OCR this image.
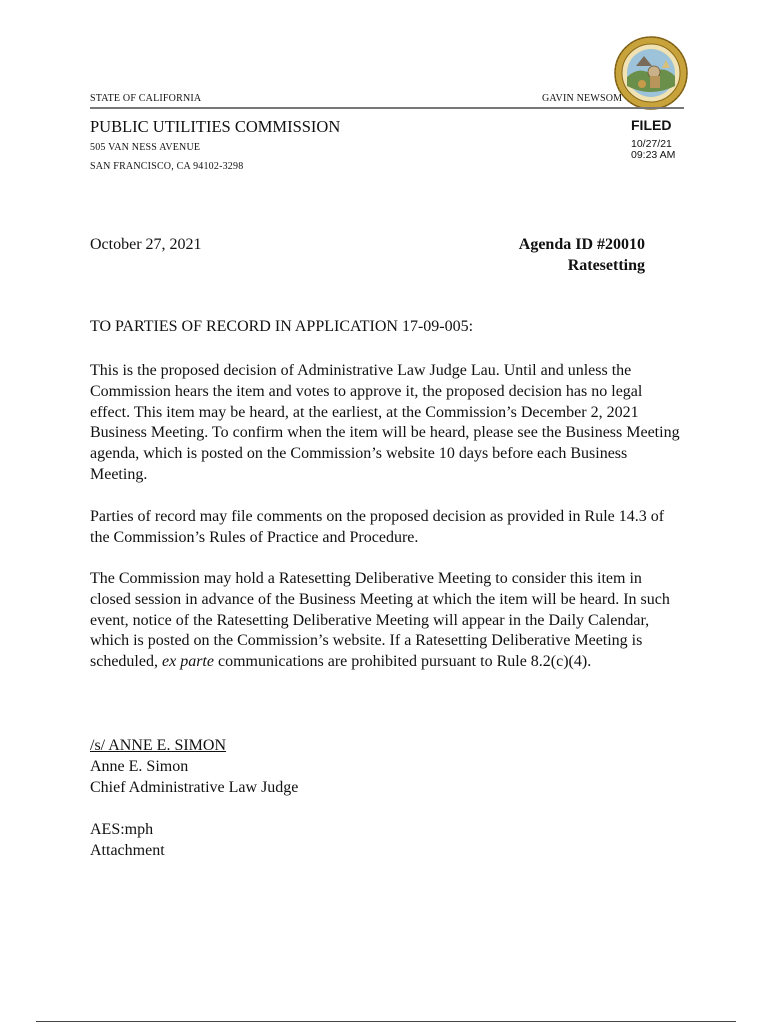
STATE OF CALIFORNIA	GAVIN NEWSOM
PUBLIC UTILITIES COMMISSION
505 VAN NESS AVENUE
SAN FRANCISCO, CA 94102-3298
FILED
10/27/21
09:23 AM
October 27, 2021	Agenda ID #20010
Ratesetting
TO PARTIES OF RECORD IN APPLICATION 17-09-005:

This is the proposed decision of Administrative Law Judge Lau. Until and unless the Commission hears the item and votes to approve it, the proposed decision has no legal effect. This item may be heard, at the earliest, at the Commission’s December 2, 2021 Business Meeting. To confirm when the item will be heard, please see the Business Meeting agenda, which is posted on the Commission’s website 10 days before each Business Meeting.

Parties of record may file comments on the proposed decision as provided in Rule 14.3 of the Commission’s Rules of Practice and Procedure.

The Commission may hold a Ratesetting Deliberative Meeting to consider this item in closed session in advance of the Business Meeting at which the item will be heard. In such event, notice of the Ratesetting Deliberative Meeting will appear in the Daily Calendar, which is posted on the Commission’s website. If a Ratesetting Deliberative Meeting is scheduled, ex parte communications are prohibited pursuant to Rule 8.2(c)(4).

/s/ ANNE E. SIMON
Anne E. Simon
Chief Administrative Law Judge
AES:mph
Attachment
